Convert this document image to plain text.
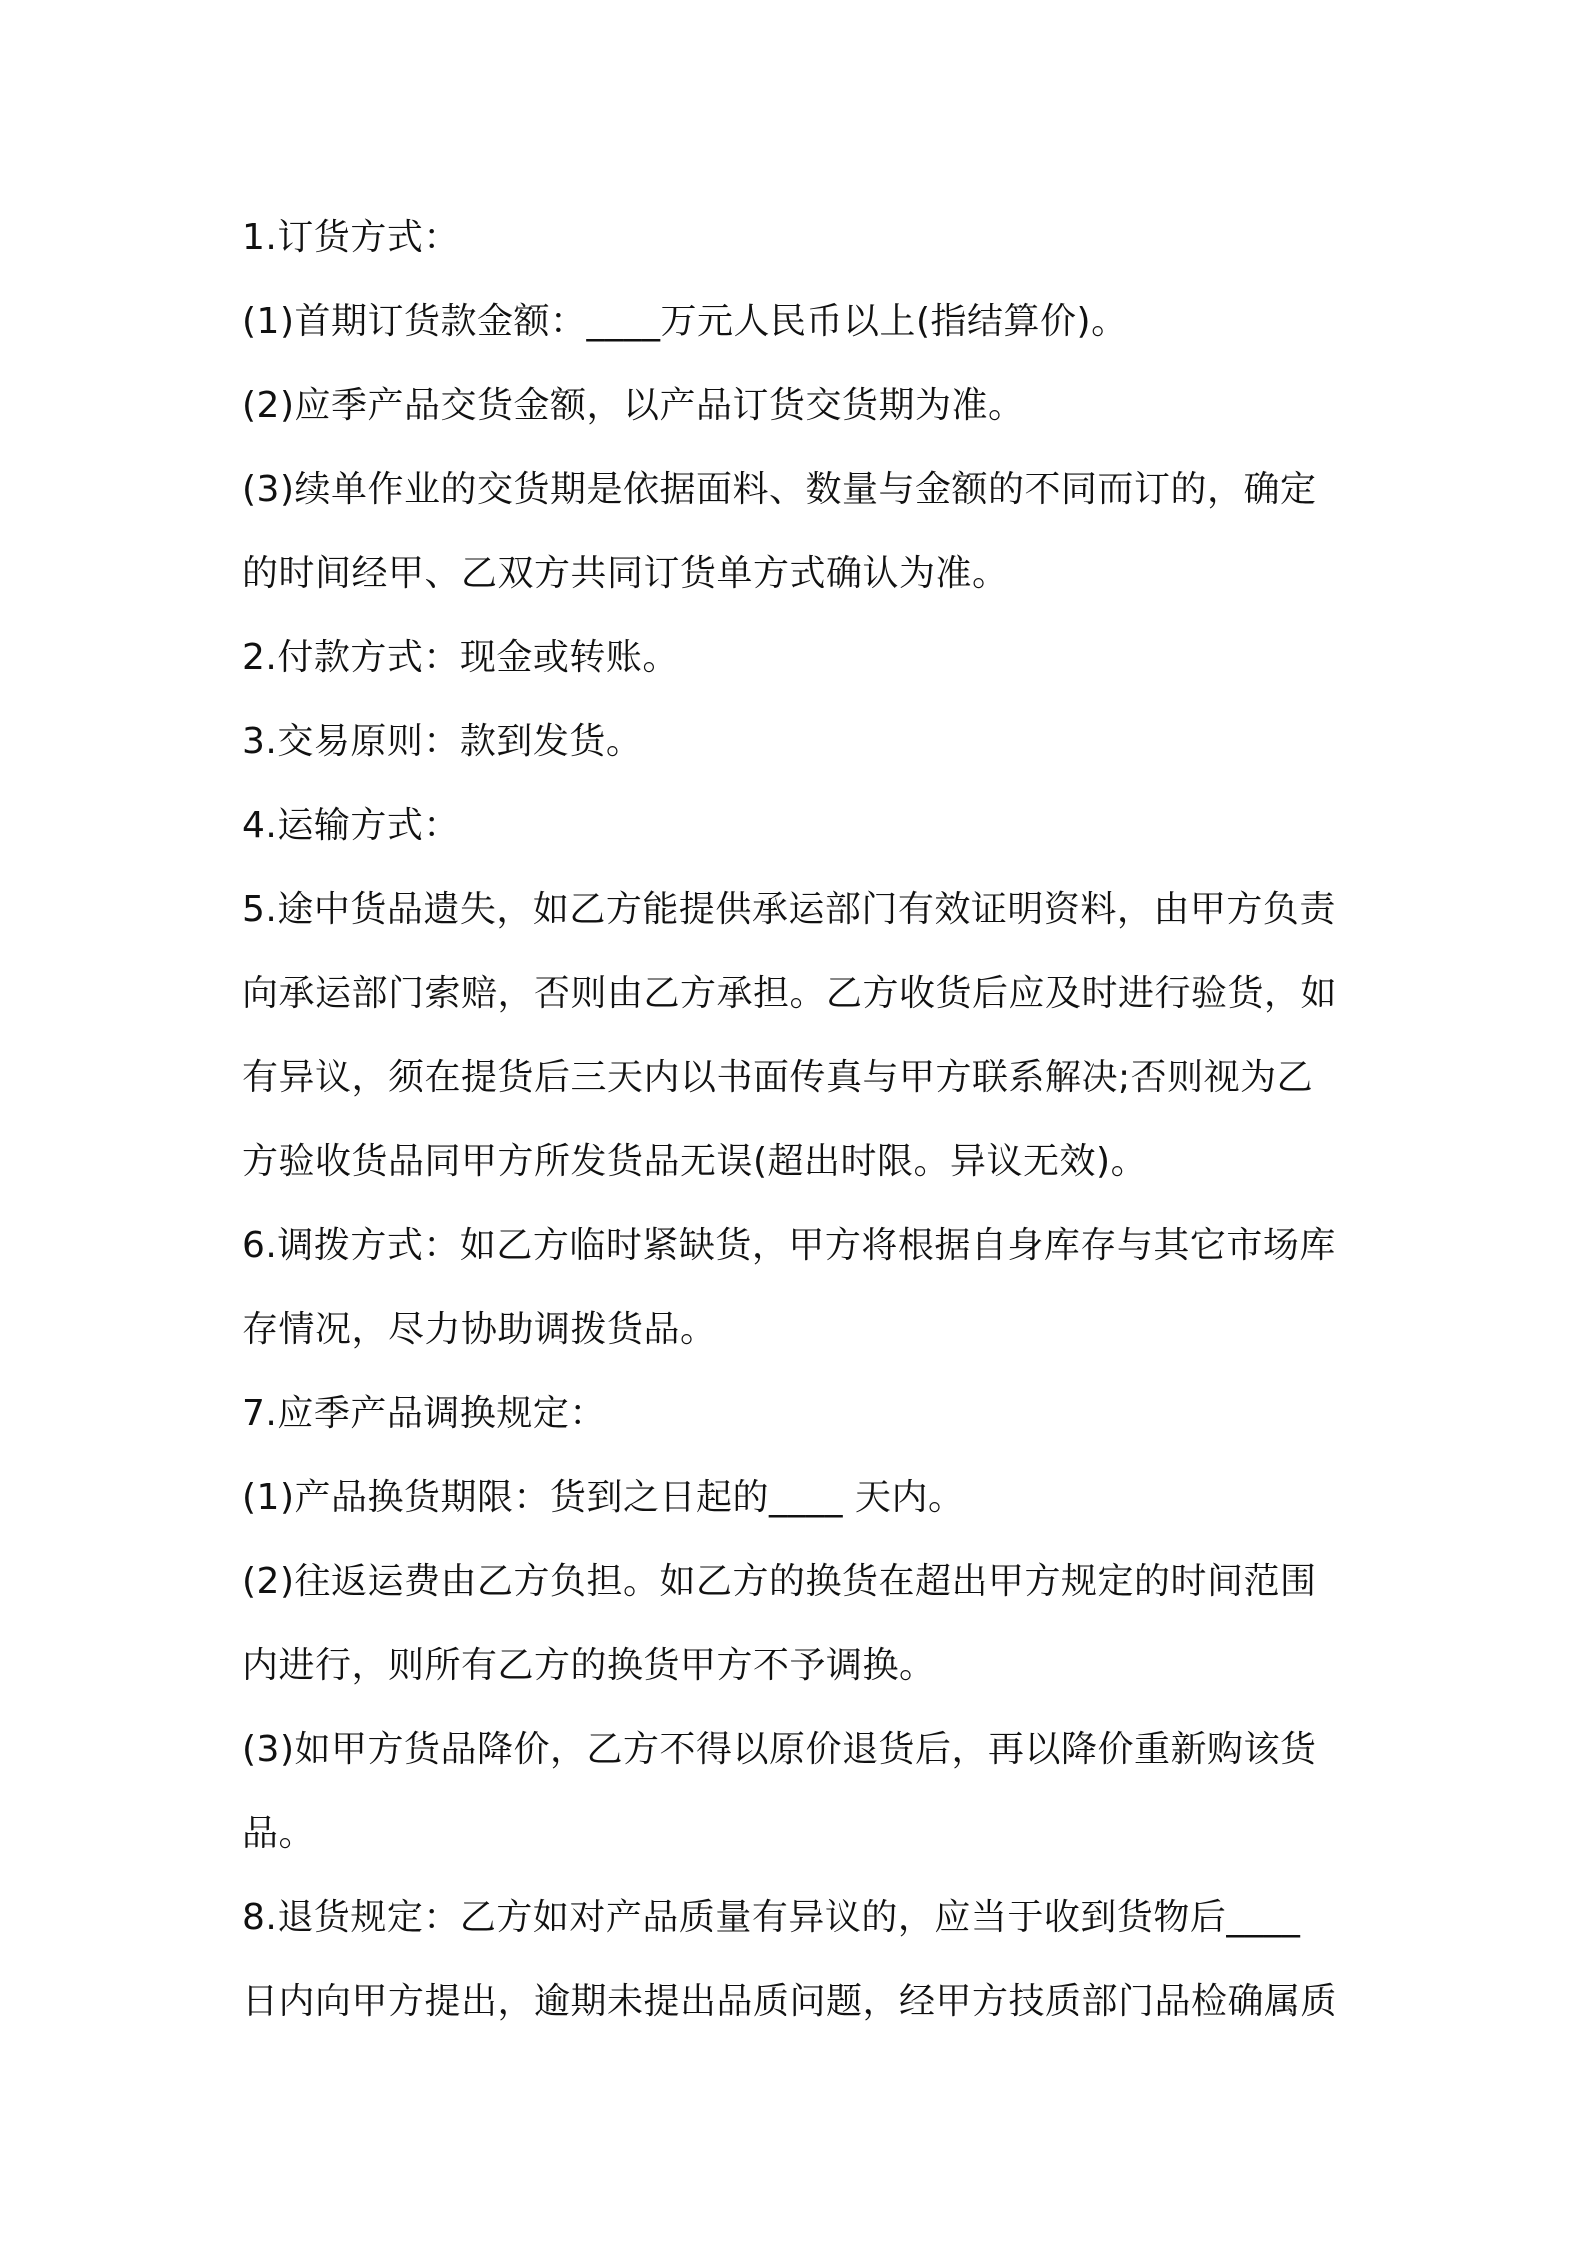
1.订货方式：
(1)首期订货款金额：____万元人民币以上(指结算价)。
(2)应季产品交货金额，以产品订货交货期为准。
(3)续单作业的交货期是依据面料、数量与金额的不同而订的，确定
的时间经甲、乙双方共同订货单方式确认为准。
2.付款方式：现金或转账。
3.交易原则：款到发货。
4.运输方式：
5.途中货品遗失，如乙方能提供承运部门有效证明资料，由甲方负责
向承运部门索赔，否则由乙方承担。乙方收货后应及时进行验货，如
有异议，须在提货后三天内以书面传真与甲方联系解决;否则视为乙
方验收货品同甲方所发货品无误(超出时限。异议无效)。
6.调拨方式：如乙方临时紧缺货，甲方将根据自身库存与其它市场库
存情况，尽力协助调拨货品。
7.应季产品调换规定：
(1)产品换货期限：货到之日起的____ 天内。
(2)往返运费由乙方负担。如乙方的换货在超出甲方规定的时间范围
内进行，则所有乙方的换货甲方不予调换。
(3)如甲方货品降价，乙方不得以原价退货后，再以降价重新购该货
品。
8.退货规定：乙方如对产品质量有异议的，应当于收到货物后____
日内向甲方提出，逾期未提出品质问题，经甲方技质部门品检确属质
